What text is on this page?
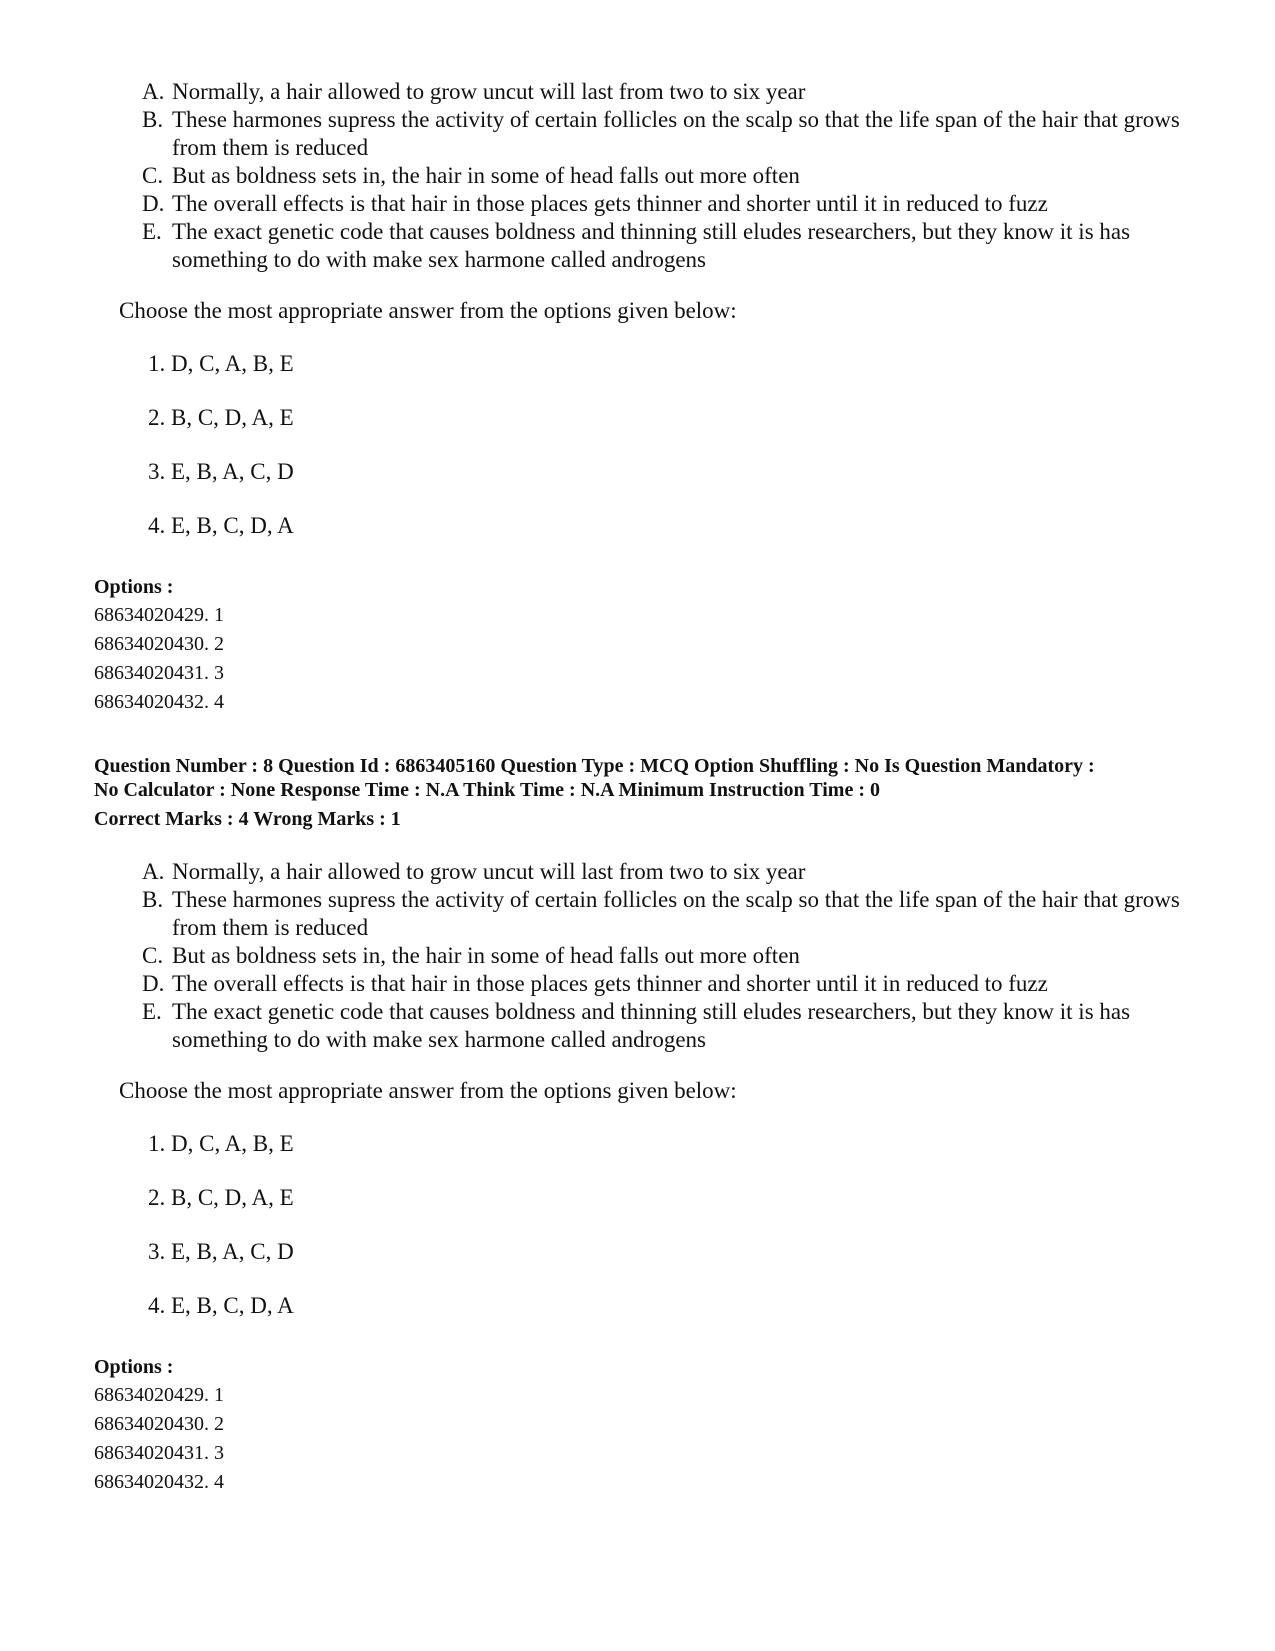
A. Normally, a hair allowed to grow uncut will last from two to six year
B. These harmones supress the activity of certain follicles on the scalp so that the life span of the hair that grows from them is reduced
C. But as boldness sets in, the hair in some of head falls out more often
D. The overall effects is that hair in those places gets thinner and shorter until it in reduced to fuzz
E. The exact genetic code that causes boldness and thinning still eludes researchers, but they know it is has something to do with make sex harmone called androgens
Choose the most appropriate answer from the options given below:
1. D, C, A, B, E
2. B, C, D, A, E
3. E, B, A, C, D
4. E, B, C, D, A
Options :
68634020429. 1
68634020430. 2
68634020431. 3
68634020432. 4
Question Number : 8 Question Id : 6863405160 Question Type : MCQ Option Shuffling : No Is Question Mandatory :
No Calculator : None Response Time : N.A Think Time : N.A Minimum Instruction Time : 0
Correct Marks : 4 Wrong Marks : 1
A. Normally, a hair allowed to grow uncut will last from two to six year
B. These harmones supress the activity of certain follicles on the scalp so that the life span of the hair that grows from them is reduced
C. But as boldness sets in, the hair in some of head falls out more often
D. The overall effects is that hair in those places gets thinner and shorter until it in reduced to fuzz
E. The exact genetic code that causes boldness and thinning still eludes researchers, but they know it is has something to do with make sex harmone called androgens
Choose the most appropriate answer from the options given below:
1. D, C, A, B, E
2. B, C, D, A, E
3. E, B, A, C, D
4. E, B, C, D, A
Options :
68634020429. 1
68634020430. 2
68634020431. 3
68634020432. 4
